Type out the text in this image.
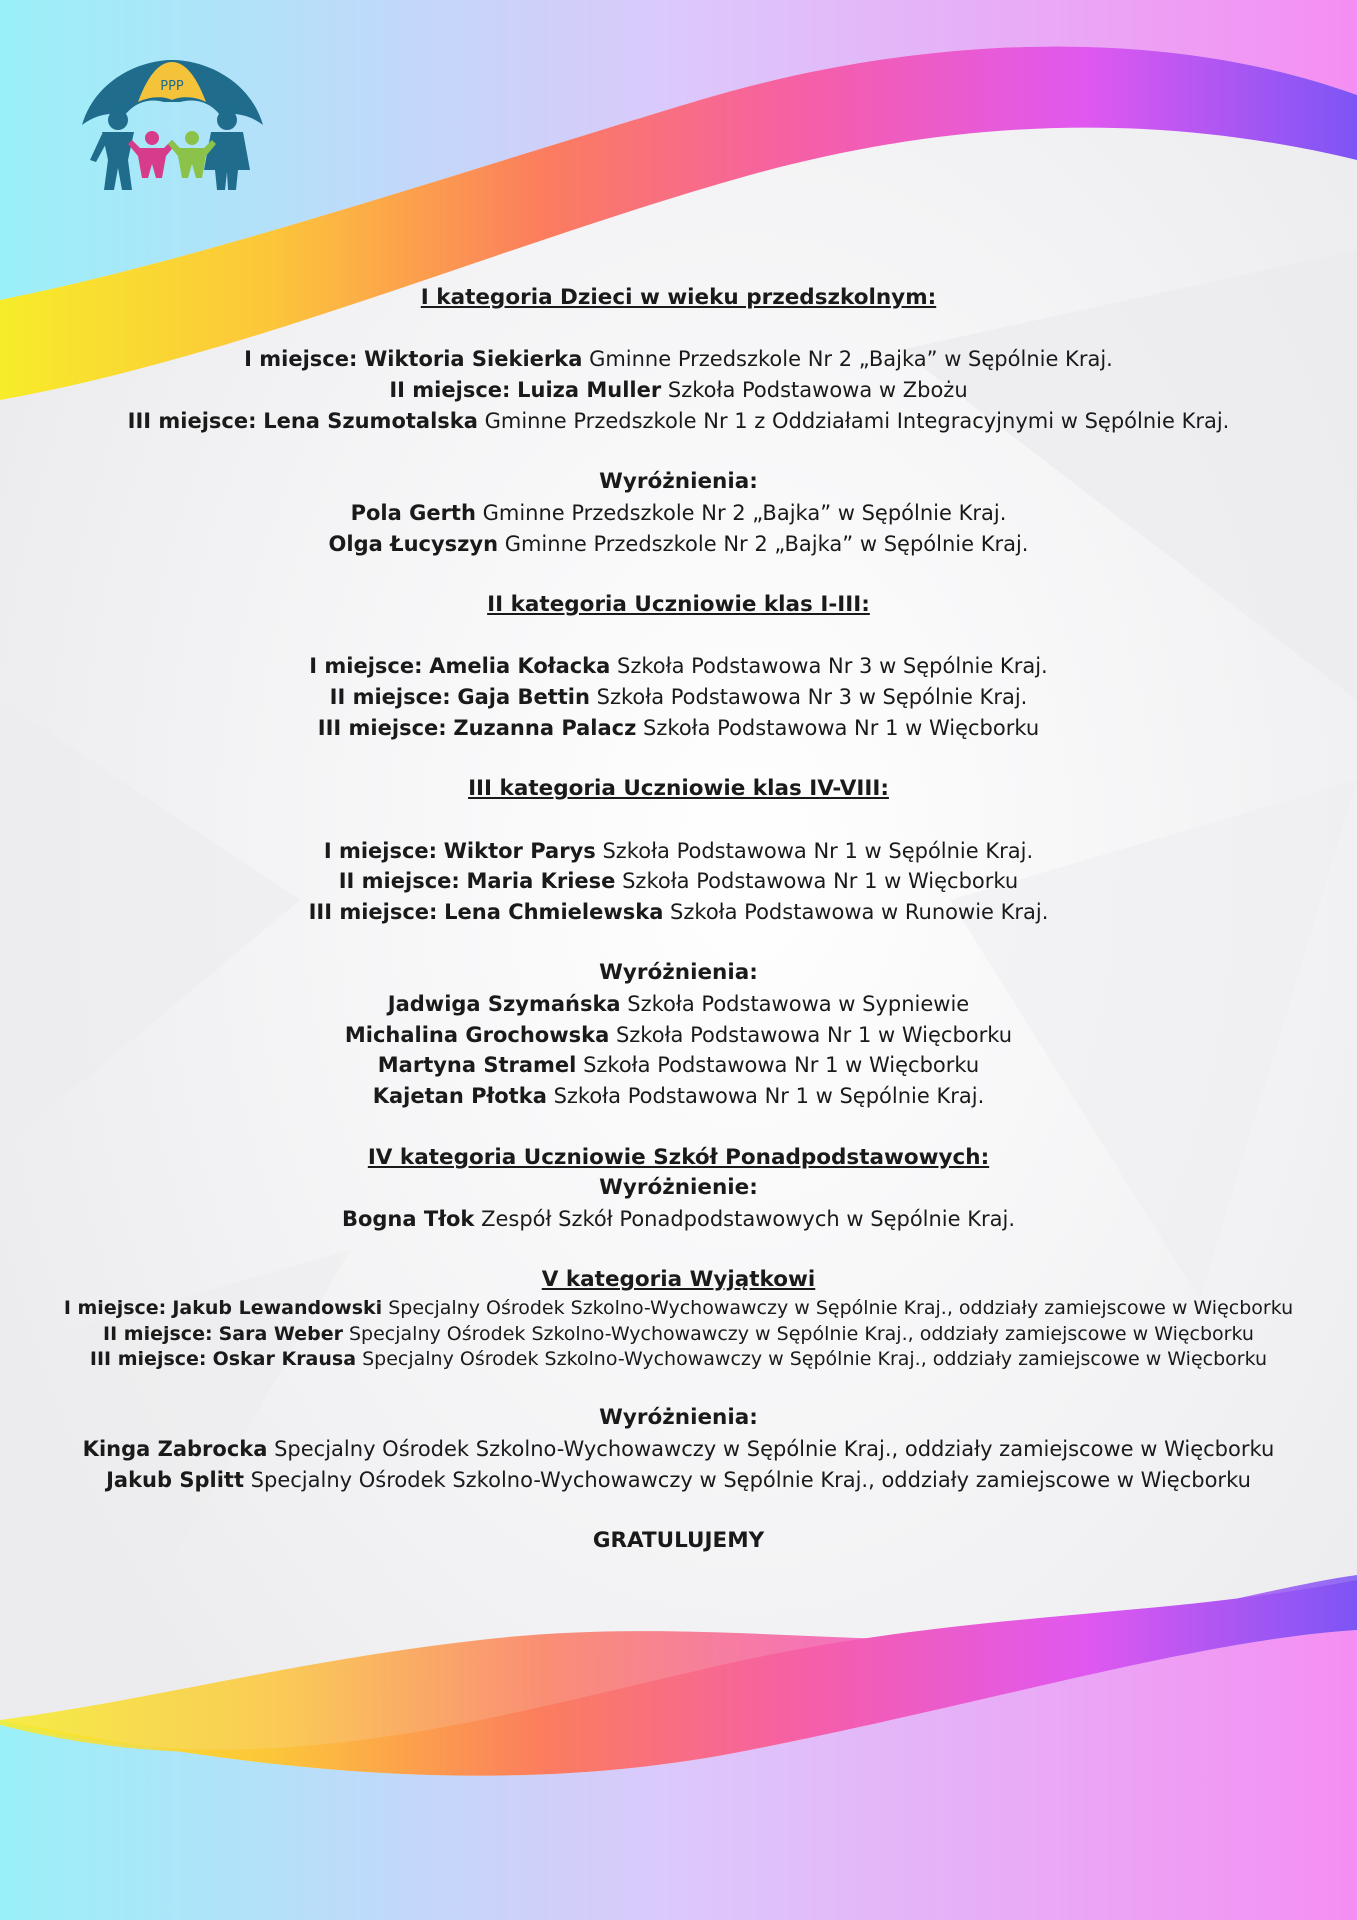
PPP

I kategoria Dzieci w wieku przedszkolnym:

I miejsce: Wiktoria Siekierka Gminne Przedszkole Nr 2 „Bajka” w Sępólnie Kraj.

II miejsce: Luiza Muller Szkoła Podstawowa w Zbożu

III miejsce: Lena Szumotalska Gminne Przedszkole Nr 1 z Oddziałami Integracyjnymi w Sępólnie Kraj.

Wyróżnienia:

Pola Gerth Gminne Przedszkole Nr 2 „Bajka” w Sępólnie Kraj.

Olga Łucyszyn Gminne Przedszkole Nr 2 „Bajka” w Sępólnie Kraj.

II kategoria Uczniowie klas I-III:

I miejsce: Amelia Kołacka Szkoła Podstawowa Nr 3 w Sępólnie Kraj.

II miejsce: Gaja Bettin Szkoła Podstawowa Nr 3 w Sępólnie Kraj.

III miejsce: Zuzanna Palacz Szkoła Podstawowa Nr 1 w Więcborku

III kategoria Uczniowie klas IV-VIII:

I miejsce: Wiktor Parys Szkoła Podstawowa Nr 1 w Sępólnie Kraj.

II miejsce: Maria Kriese Szkoła Podstawowa Nr 1 w Więcborku

III miejsce: Lena Chmielewska Szkoła Podstawowa w Runowie Kraj.

Wyróżnienia:

Jadwiga Szymańska Szkoła Podstawowa w Sypniewie

Michalina Grochowska Szkoła Podstawowa Nr 1 w Więcborku

Martyna Stramel Szkoła Podstawowa Nr 1 w Więcborku

Kajetan Płotka Szkoła Podstawowa Nr 1 w Sępólnie Kraj.

IV kategoria Uczniowie Szkół Ponadpodstawowych:

Wyróżnienie:

Bogna Tłok Zespół Szkół Ponadpodstawowych w Sępólnie Kraj.

V kategoria Wyjątkowi

I miejsce: Jakub Lewandowski Specjalny Ośrodek Szkolno-Wychowawczy w Sępólnie Kraj., oddziały zamiejscowe w Więcborku

II miejsce: Sara Weber Specjalny Ośrodek Szkolno-Wychowawczy w Sępólnie Kraj., oddziały zamiejscowe w Więcborku

III miejsce: Oskar Krausa Specjalny Ośrodek Szkolno-Wychowawczy w Sępólnie Kraj., oddziały zamiejscowe w Więcborku

Wyróżnienia:

Kinga Zabrocka Specjalny Ośrodek Szkolno-Wychowawczy w Sępólnie Kraj., oddziały zamiejscowe w Więcborku

Jakub Splitt Specjalny Ośrodek Szkolno-Wychowawczy w Sępólnie Kraj., oddziały zamiejscowe w Więcborku

GRATULUJEMY
